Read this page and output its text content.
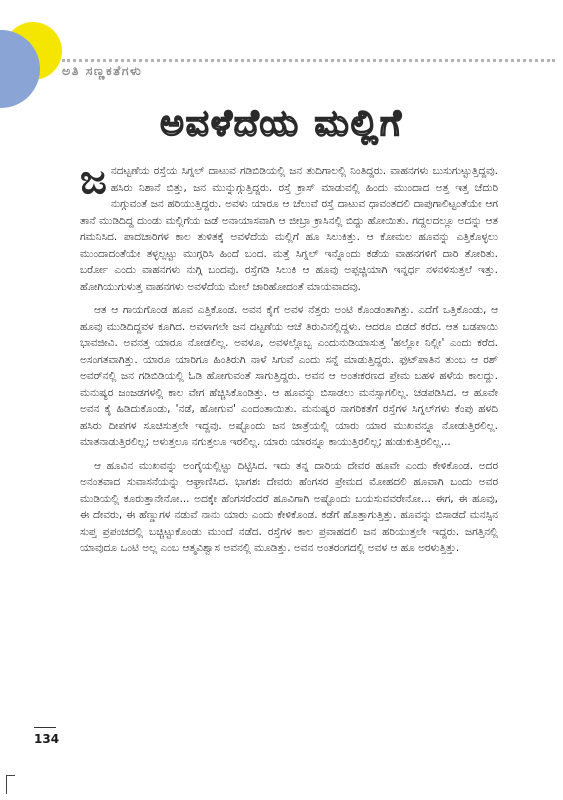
ಅತಿ ಸಣ್ಣಕತೆಗಳು
ಅವಳೆದೆಯ ಮಲ್ಲಿಗೆ

ಜನದಟ್ಟಣೆಯ ರಸ್ತೆಯ ಸಿಗ್ನಲ್ ದಾಟುವ ಗಡಿಬಿಡಿಯಲ್ಲಿ ಜನ ತುದಿಗಾಲಲ್ಲಿ ನಿಂತಿದ್ದರು. ವಾಹನಗಳು ಬುಸುಗುಟ್ಟುತ್ತಿದ್ದವು. ಹಸಿರು ನಿಶಾನೆ ಬಿತ್ತು, ಜನ ಮುನ್ನುಗ್ಗುತ್ತಿದ್ದರು. ರಸ್ತೆ ಕ್ರಾಸ್ ಮಾಡುವಲ್ಲಿ ಹಿಂದು ಮುಂದಾದ ಅತ್ತ ಇತ್ತ ಚೆದುರಿ ನುಗ್ಗುವಂತೆ ಜನ ಹರಿಯುತ್ತಿದ್ದರು. ಅವಳು ಯಾರೂ ಆ ಚೆಲುವೆ ರಸ್ತೆ ದಾಟುವ ಧಾವಂತದಲಿ ದಾಪುಗಾಲಿಟ್ಟಂತೆಯೇ ಆಗ ತಾನೆ ಮುಡಿದಿದ್ದ ದುಂಡು ಮಲ್ಲಿಗೆಯ ಜಡೆ ಅನಾಯಾಸವಾಗಿ ಆ ಜೀಬ್ರಾ ಕ್ರಾಸಿನಲ್ಲಿ ಬಿದ್ದು ಹೋಯಿತು. ಗದ್ದಲದಲ್ಲೂ ಅದನ್ನು ಆತ ಗಮನಿಸಿದ. ಪಾದಚಾರಿಗಳ ಕಾಲ ತುಳಿತಕ್ಕೆ ಅವಳೆದೆಯ ಮಲ್ಲಿಗೆ ಹೂ ಸಿಲುಕಿತ್ತು. ಆ ಕೋಮಲ ಹೂವನ್ನು ಎತ್ತಿಕೊಳ್ಳಲು ಮುಂದಾದಂತೆಯೇ ತಳ್ಳಲ್ಪಟ್ಟು ಮುಗ್ಗರಿಸಿ ಹಿಂದೆ ಬಂದ. ಮತ್ತೆ ಸಿಗ್ನಲ್ ಇನ್ನೊಂದು ಕಡೆಯ ವಾಹನಗಳಿಗೆ ದಾರಿ ತೋರಿತು. ಬರ್ರೋ ಎಂದು ವಾಹನಗಳು ನುಗ್ಗಿ ಬಂದವು. ರಸ್ತೆಗಡಿ ಸಿಲುಕಿ ಆ ಹೂವು ಅಪ್ಪಚ್ಚಿಯಾಗಿ ಇನ್ನರ್ಧ ನಳನಳಿಸುತ್ತಲೆ ಇತ್ತು. ಹೋಗಿಯುಗುಳುತ್ತ ವಾಹನಗಳು ಅವಳೆದೆಯ ಮೇಲೆ ಜಾರಿಹೋದಂತೆ ಮಾಯವಾದವು.

ಆತ ಆ ಗಾಯಗೊಂಡ ಹೂವ ಎತ್ತಿಕೊಂಡ. ಅವನ ಕೈಗೆ ಅವಳ ನೆತ್ತರು ಅಂಟಿ ಕೊಂಡಂತಾಗಿತ್ತು. ಎದೆಗೆ ಒತ್ತಿಕೊಂಡು, ಆ ಹೂವು ಮುಡಿದಿದ್ದವಳ ಕೂಗಿದ. ಅವಳಾಗಲೇ ಜನ ದಟ್ಟಣೆಯ ಆಚೆ ತಿರುವಿನಲ್ಲಿದ್ದಳು. ಆದರೂ ಬಿಡದೆ ಕರೆದ. ಆತ ಬಡಪಾಯಿ ಭಾವಜೀವಿ. ಅವನತ್ತ ಯಾರೂ ನೋಡಲಿಲ್ಲ. ಅವಳೂ, ಅವಳಲ್ಲೊಬ್ಬ ಎಂದುನುಡಿಯಾಸುತ್ತ 'ಹಲ್ಲೋ ನಿಲ್ಲೀ' ಎಂದು ಕರೆದ. ಅಸಂಗತವಾಗಿತ್ತು. ಯಾರೂ ಯಾರಿಗೂ ಹಿಂತಿರುಗಿ ನಾಳೆ ಸಿಗುವೆ ಎಂದು ಸನ್ನೆ ಮಾಡುತ್ತಿದ್ದರು. ಫುಟ್‌ಪಾತಿನ ತುಂಬ ಆ ರಶ್ ಅವರ್‌ನಲ್ಲಿ ಜನ ಗಡಿಬಿಡಿಯಲ್ಲಿ ಓಡಿ ಹೋಗುವಂತೆ ಸಾಗುತ್ತಿದ್ದರು. ಅವನ ಆ ಅಂತಃಕರಣದ ಪ್ರೇಮ ಬಹಳ ಹಳೆಯ ಕಾಲದ್ದು. ಮನುಷ್ಯರ ಜಂಜಡಗಳಲ್ಲಿ ಕಾಲ ವೇಗ ಹೆಚ್ಚಿಸಿಕೊಂಡಿತ್ತು. ಆ ಹೂವನ್ನು ಬಿಸಾಡಲು ಮನಸ್ಸಾಗಲಿಲ್ಲ. ಚಡಪಡಿಸಿದ. ಆ ಹೂವೇ ಅವನ ಕೈ ಹಿಡಿದುಕೊಂಡು, 'ನಡೆ, ಹೋಗುವ' ಎಂದಂತಾಯಿತು. ಮನುಷ್ಯರ ನಾಗರಿಕತೆಗೆ ರಸ್ತೆಗಳ ಸಿಗ್ನಲ್‌ಗಳು ಕೆಂಪು ಹಳದಿ ಹಸಿರು ದೀಪಗಳ ಸೂಚಿಸುತ್ತಲೇ ಇದ್ದವು. ಅಷ್ಟೊಂದು ಜನ ಜಾತ್ರೆಯಲ್ಲಿ ಯಾರು ಯಾರ ಮುಖವನ್ನೂ ನೋಡುತ್ತಿರಲಿಲ್ಲ. ಮಾತನಾಡುತ್ತಿರಲಿಲ್ಲ; ಅಳುತ್ತಲೂ ನಗುತ್ತಲೂ ಇರಲಿಲ್ಲ. ಯಾರು ಯಾರನ್ನೂ ಕಾಯುತ್ತಿರಲಿಲ್ಲ; ಹುಡುಕುತ್ತಿರಲಿಲ್ಲ...

ಆ ಹೂವಿನ ಮುಖವನ್ನು ಅಂಗೈಯಲ್ಲಿಟ್ಟು ದಿಟ್ಟಿಸಿದ. ಇದು ತನ್ನ ದಾರಿಯ ದೇವರ ಹೂವೇ ಎಂದು ಕೇಳಿಕೊಂಡ. ಅದರ ಅನಂತವಾದ ಸುವಾಸನೆಯನ್ನು ಆಘ್ರಾಣಿಸಿದ. ಭಾಗಶಃ ದೇವರು ಹೆಂಗಸರ ಪ್ರೇಮದ ಮೋಹದಲಿ ಹೂವಾಗಿ ಬಂದು ಅವರ ಮುಡಿಯಲ್ಲಿ ಕೂರುತ್ತಾನೇನೋ... ಅದಕ್ಕೇ ಹೆಂಗಸರೆಂದರೆ ಹೂವಿಗಾಗಿ ಅಷ್ಟೊಂದು ಬಯಸುವವರೇನೋ... ಈಗ, ಈ ಹೂವು, ಈ ದೇವರು, ಈ ಹೆಣ್ಣುಗಳ ನಡುವೆ ನಾನು ಯಾರು ಎಂದು ಕೇಳಿಕೊಂಡ. ಕಡೆಗೆ ಹೊತ್ತಾಗುತ್ತಿತ್ತು. ಹೂವನ್ನು ಬಿಸಾಡದೆ ಮನಸ್ಸಿನ ಸುಪ್ತ ಪ್ರಪಂಚದಲ್ಲಿ ಬಚ್ಚಿಟ್ಟುಕೊಂಡು ಮುಂದೆ ನಡೆದ. ರಸ್ತೆಗಳ ಕಾಲ ಪ್ರವಾಹದಲಿ ಜನ ಹರಿಯುತ್ತಲೇ ಇದ್ದರು. ಜಗತ್ತಿನಲ್ಲಿ ಯಾವುದೂ ಒಂಟಿ ಅಲ್ಲ ಎಂಬ ಆತ್ಮವಿಶ್ವಾಸ ಅವನಲ್ಲಿ ಮೂಡಿತ್ತು. ಅವನ ಅಂತರಂಗದಲ್ಲಿ ಅವಳ ಆ ಹೂ ಅರಳುತ್ತಿತ್ತು.

134
